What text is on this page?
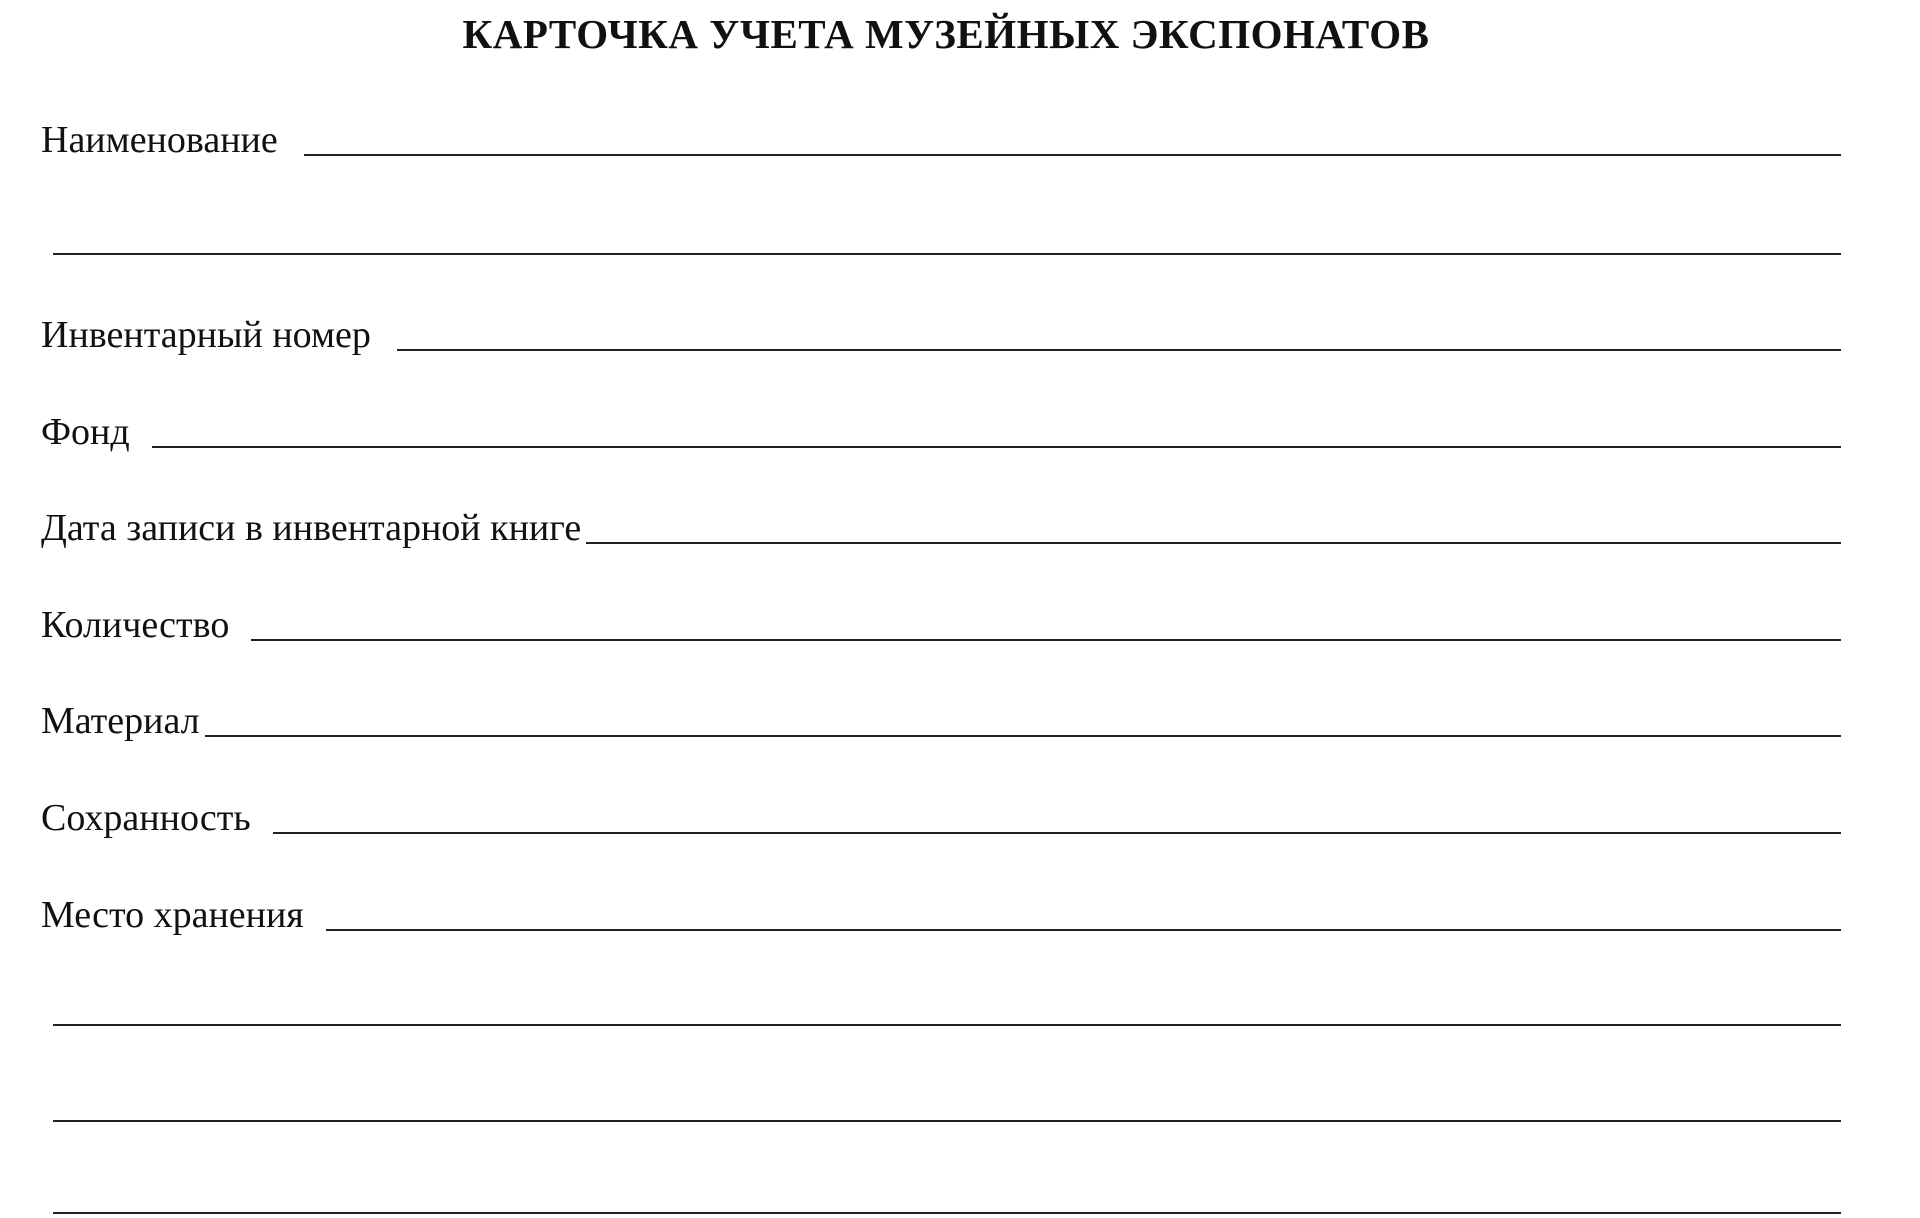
КАРТОЧКА УЧЕТА МУЗЕЙНЫХ ЭКСПОНАТОВ
Наименование
Инвентарный номер
Фонд
Дата записи в инвентарной книге
Количество
Материал
Сохранность
Место хранения
